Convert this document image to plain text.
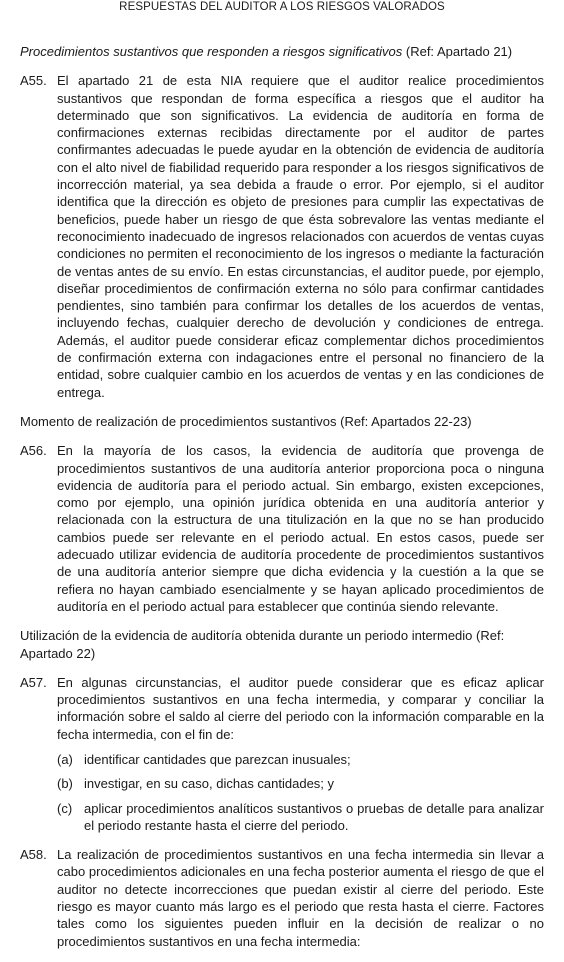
RESPUESTAS DEL AUDITOR A LOS RIESGOS VALORADOS

Procedimientos sustantivos que responden a riesgos significativos (Ref: Apartado 21)

A55. El apartado 21 de esta NIA requiere que el auditor realice procedimientos sustantivos que respondan de forma específica a riesgos que el auditor ha determinado que son significativos. La evidencia de auditoría en forma de confirmaciones externas recibidas directamente por el auditor de partes confirmantes adecuadas le puede ayudar en la obtención de evidencia de auditoría con el alto nivel de fiabilidad requerido para responder a los riesgos significativos de incorrección material, ya sea debida a fraude o error. Por ejemplo, si el auditor identifica que la dirección es objeto de presiones para cumplir las expectativas de beneficios, puede haber un riesgo de que ésta sobrevalore las ventas mediante el reconocimiento inadecuado de ingresos relacionados con acuerdos de ventas cuyas condiciones no permiten el reconocimiento de los ingresos o mediante la facturación de ventas antes de su envío. En estas circunstancias, el auditor puede, por ejemplo, diseñar procedimientos de confirmación externa no sólo para confirmar cantidades pendientes, sino también para confirmar los detalles de los acuerdos de ventas, incluyendo fechas, cualquier derecho de devolución y condiciones de entrega. Además, el auditor puede considerar eficaz complementar dichos procedimientos de confirmación externa con indagaciones entre el personal no financiero de la entidad, sobre cualquier cambio en los acuerdos de ventas y en las condiciones de entrega.

Momento de realización de procedimientos sustantivos (Ref: Apartados 22-23)

A56. En la mayoría de los casos, la evidencia de auditoría que provenga de procedimientos sustantivos de una auditoría anterior proporciona poca o ninguna evidencia de auditoría para el periodo actual. Sin embargo, existen excepciones, como por ejemplo, una opinión jurídica obtenida en una auditoría anterior y relacionada con la estructura de una titulización en la que no se han producido cambios puede ser relevante en el periodo actual. En estos casos, puede ser adecuado utilizar evidencia de auditoría procedente de procedimientos sustantivos de una auditoría anterior siempre que dicha evidencia y la cuestión a la que se refiera no hayan cambiado esencialmente y se hayan aplicado procedimientos de auditoría en el periodo actual para establecer que continúa siendo relevante.

Utilización de la evidencia de auditoría obtenida durante un periodo intermedio (Ref: Apartado 22)

A57. En algunas circunstancias, el auditor puede considerar que es eficaz aplicar procedimientos sustantivos en una fecha intermedia, y comparar y conciliar la información sobre el saldo al cierre del periodo con la información comparable en la fecha intermedia, con el fin de:
(a) identificar cantidades que parezcan inusuales;
(b) investigar, en su caso, dichas cantidades; y
(c) aplicar procedimientos analíticos sustantivos o pruebas de detalle para analizar el periodo restante hasta el cierre del periodo.
A58. La realización de procedimientos sustantivos en una fecha intermedia sin llevar a cabo procedimientos adicionales en una fecha posterior aumenta el riesgo de que el auditor no detecte incorrecciones que puedan existir al cierre del periodo. Este riesgo es mayor cuanto más largo es el periodo que resta hasta el cierre. Factores tales como los siguientes pueden influir en la decisión de realizar o no procedimientos sustantivos en una fecha intermedia:
